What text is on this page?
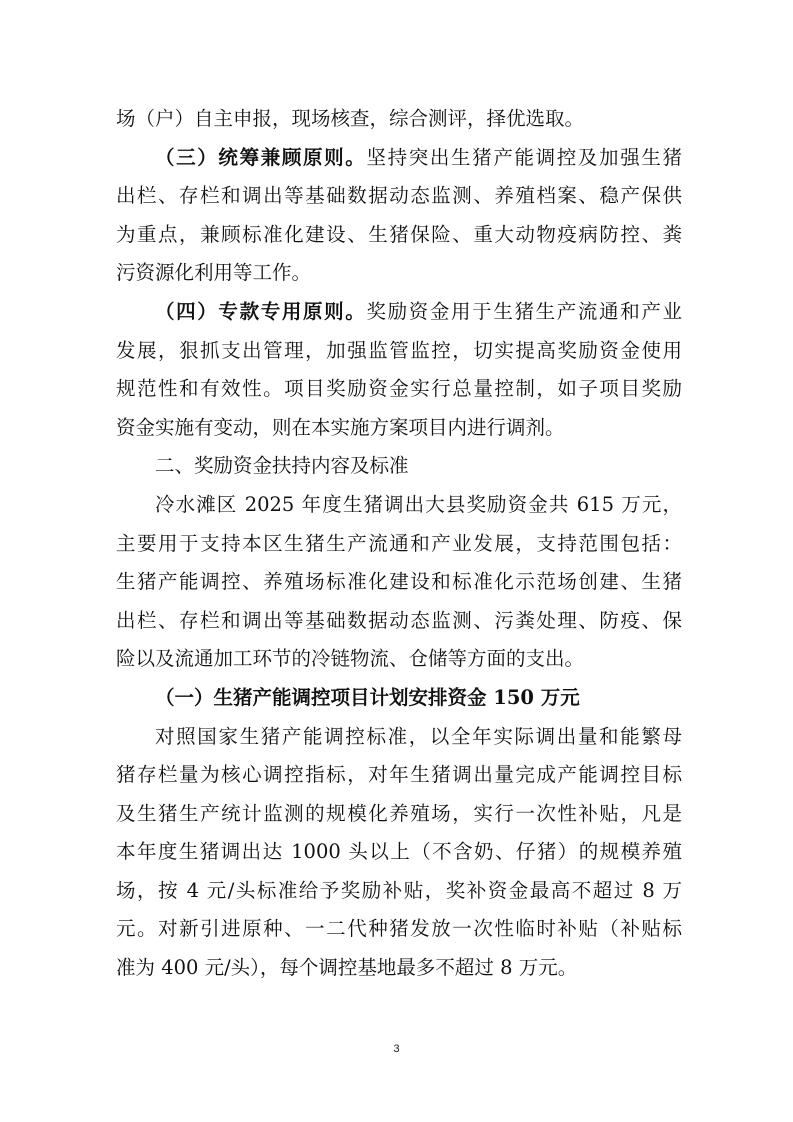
场（户）自主申报，现场核查，综合测评，择优选取。
（三）统筹兼顾原则。坚持突出生猪产能调控及加强生猪
出栏、存栏和调出等基础数据动态监测、养殖档案、稳产保供
为重点，兼顾标准化建设、生猪保险、重大动物疫病防控、粪
污资源化利用等工作。
（四）专款专用原则。奖励资金用于生猪生产流通和产业
发展，狠抓支出管理，加强监管监控，切实提高奖励资金使用
规范性和有效性。项目奖励资金实行总量控制，如子项目奖励
资金实施有变动，则在本实施方案项目内进行调剂。
二、奖励资金扶持内容及标准
冷水滩区 2025 年度生猪调出大县奖励资金共 615 万元，
主要用于支持本区生猪生产流通和产业发展，支持范围包括：
生猪产能调控、养殖场标准化建设和标准化示范场创建、生猪
出栏、存栏和调出等基础数据动态监测、污粪处理、防疫、保
险以及流通加工环节的冷链物流、仓储等方面的支出。
（一）生猪产能调控项目计划安排资金 150 万元
对照国家生猪产能调控标准，以全年实际调出量和能繁母
猪存栏量为核心调控指标，对年生猪调出量完成产能调控目标
及生猪生产统计监测的规模化养殖场，实行一次性补贴，凡是
本年度生猪调出达 1000 头以上（不含奶、仔猪）的规模养殖
场，按 4 元/头标准给予奖励补贴，奖补资金最高不超过 8 万
元。对新引进原种、一二代种猪发放一次性临时补贴（补贴标
准为 400 元/头），每个调控基地最多不超过 8 万元。
3
